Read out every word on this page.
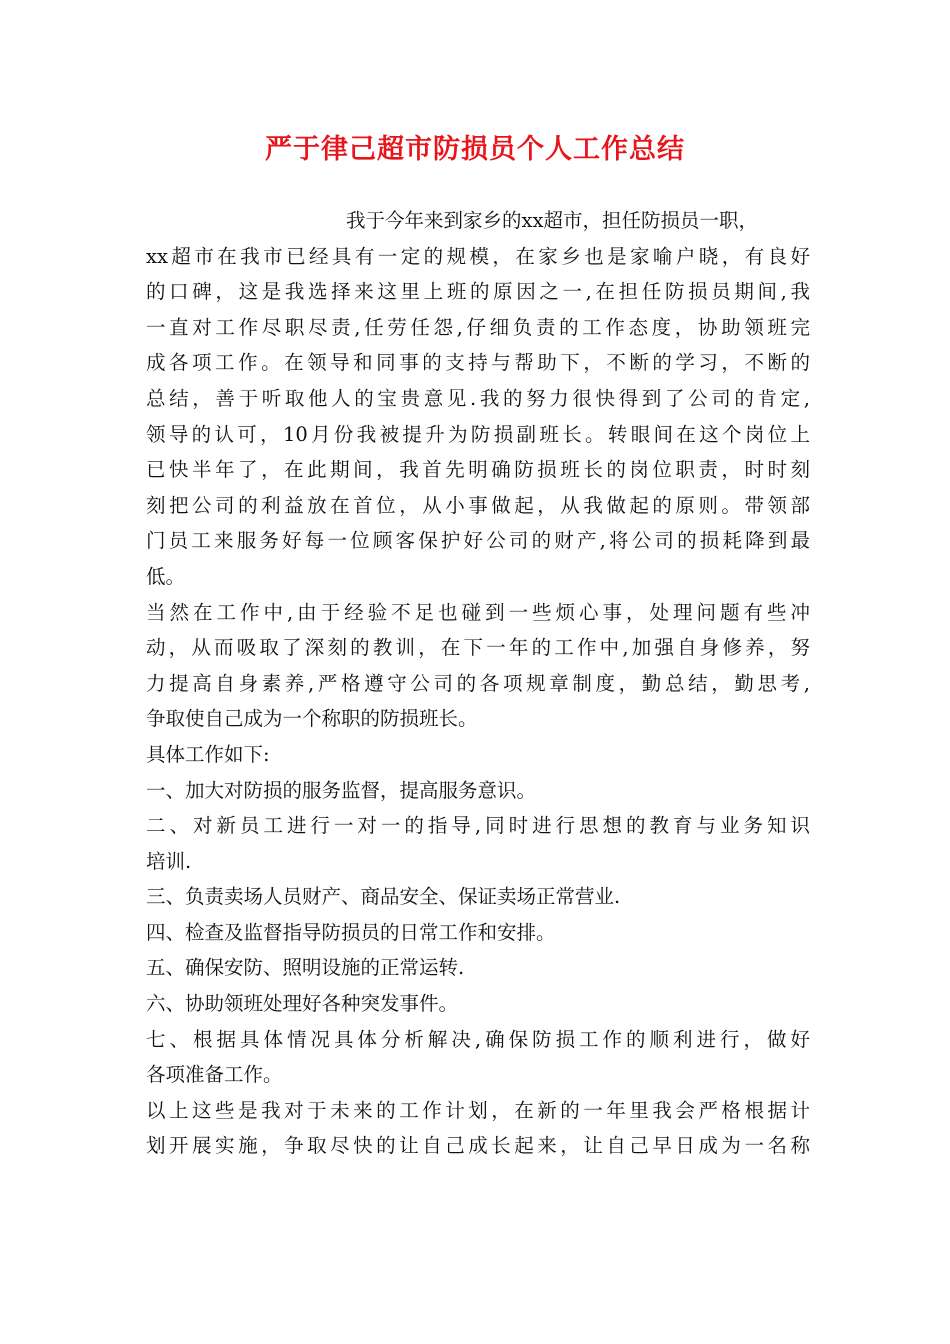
严于律己超市防损员个人工作总结
我于今年来到家乡的xx超市，担任防损员一职，
xx超市在我市已经具有一定的规模，在家乡也是家喻户晓，有良好
的口碑，这是我选择来这里上班的原因之一,在担任防损员期间,我
一直对工作尽职尽责,任劳任怨,仔细负责的工作态度，协助领班完
成各项工作。在领导和同事的支持与帮助下，不断的学习，不断的
总结，善于听取他人的宝贵意见.我的努力很快得到了公司的肯定,
领导的认可，10月份我被提升为防损副班长。转眼间在这个岗位上
已快半年了，在此期间，我首先明确防损班长的岗位职责，时时刻
刻把公司的利益放在首位，从小事做起，从我做起的原则。带领部
门员工来服务好每一位顾客保护好公司的财产,将公司的损耗降到最
低。
当然在工作中,由于经验不足也碰到一些烦心事，处理问题有些冲
动，从而吸取了深刻的教训，在下一年的工作中,加强自身修养，努
力提高自身素养,严格遵守公司的各项规章制度，勤总结，勤思考,
争取使自己成为一个称职的防损班长。
具体工作如下:
一、加大对防损的服务监督，提高服务意识。
二、对新员工进行一对一的指导,同时进行思想的教育与业务知识
培训.
三、负责卖场人员财产、商品安全、保证卖场正常营业.
四、检查及监督指导防损员的日常工作和安排。
五、确保安防、照明设施的正常运转.
六、协助领班处理好各种突发事件。
七、根据具体情况具体分析解决,确保防损工作的顺利进行，做好
各项准备工作。
以上这些是我对于未来的工作计划，在新的一年里我会严格根据计
划开展实施，争取尽快的让自己成长起来，让自己早日成为一名称
